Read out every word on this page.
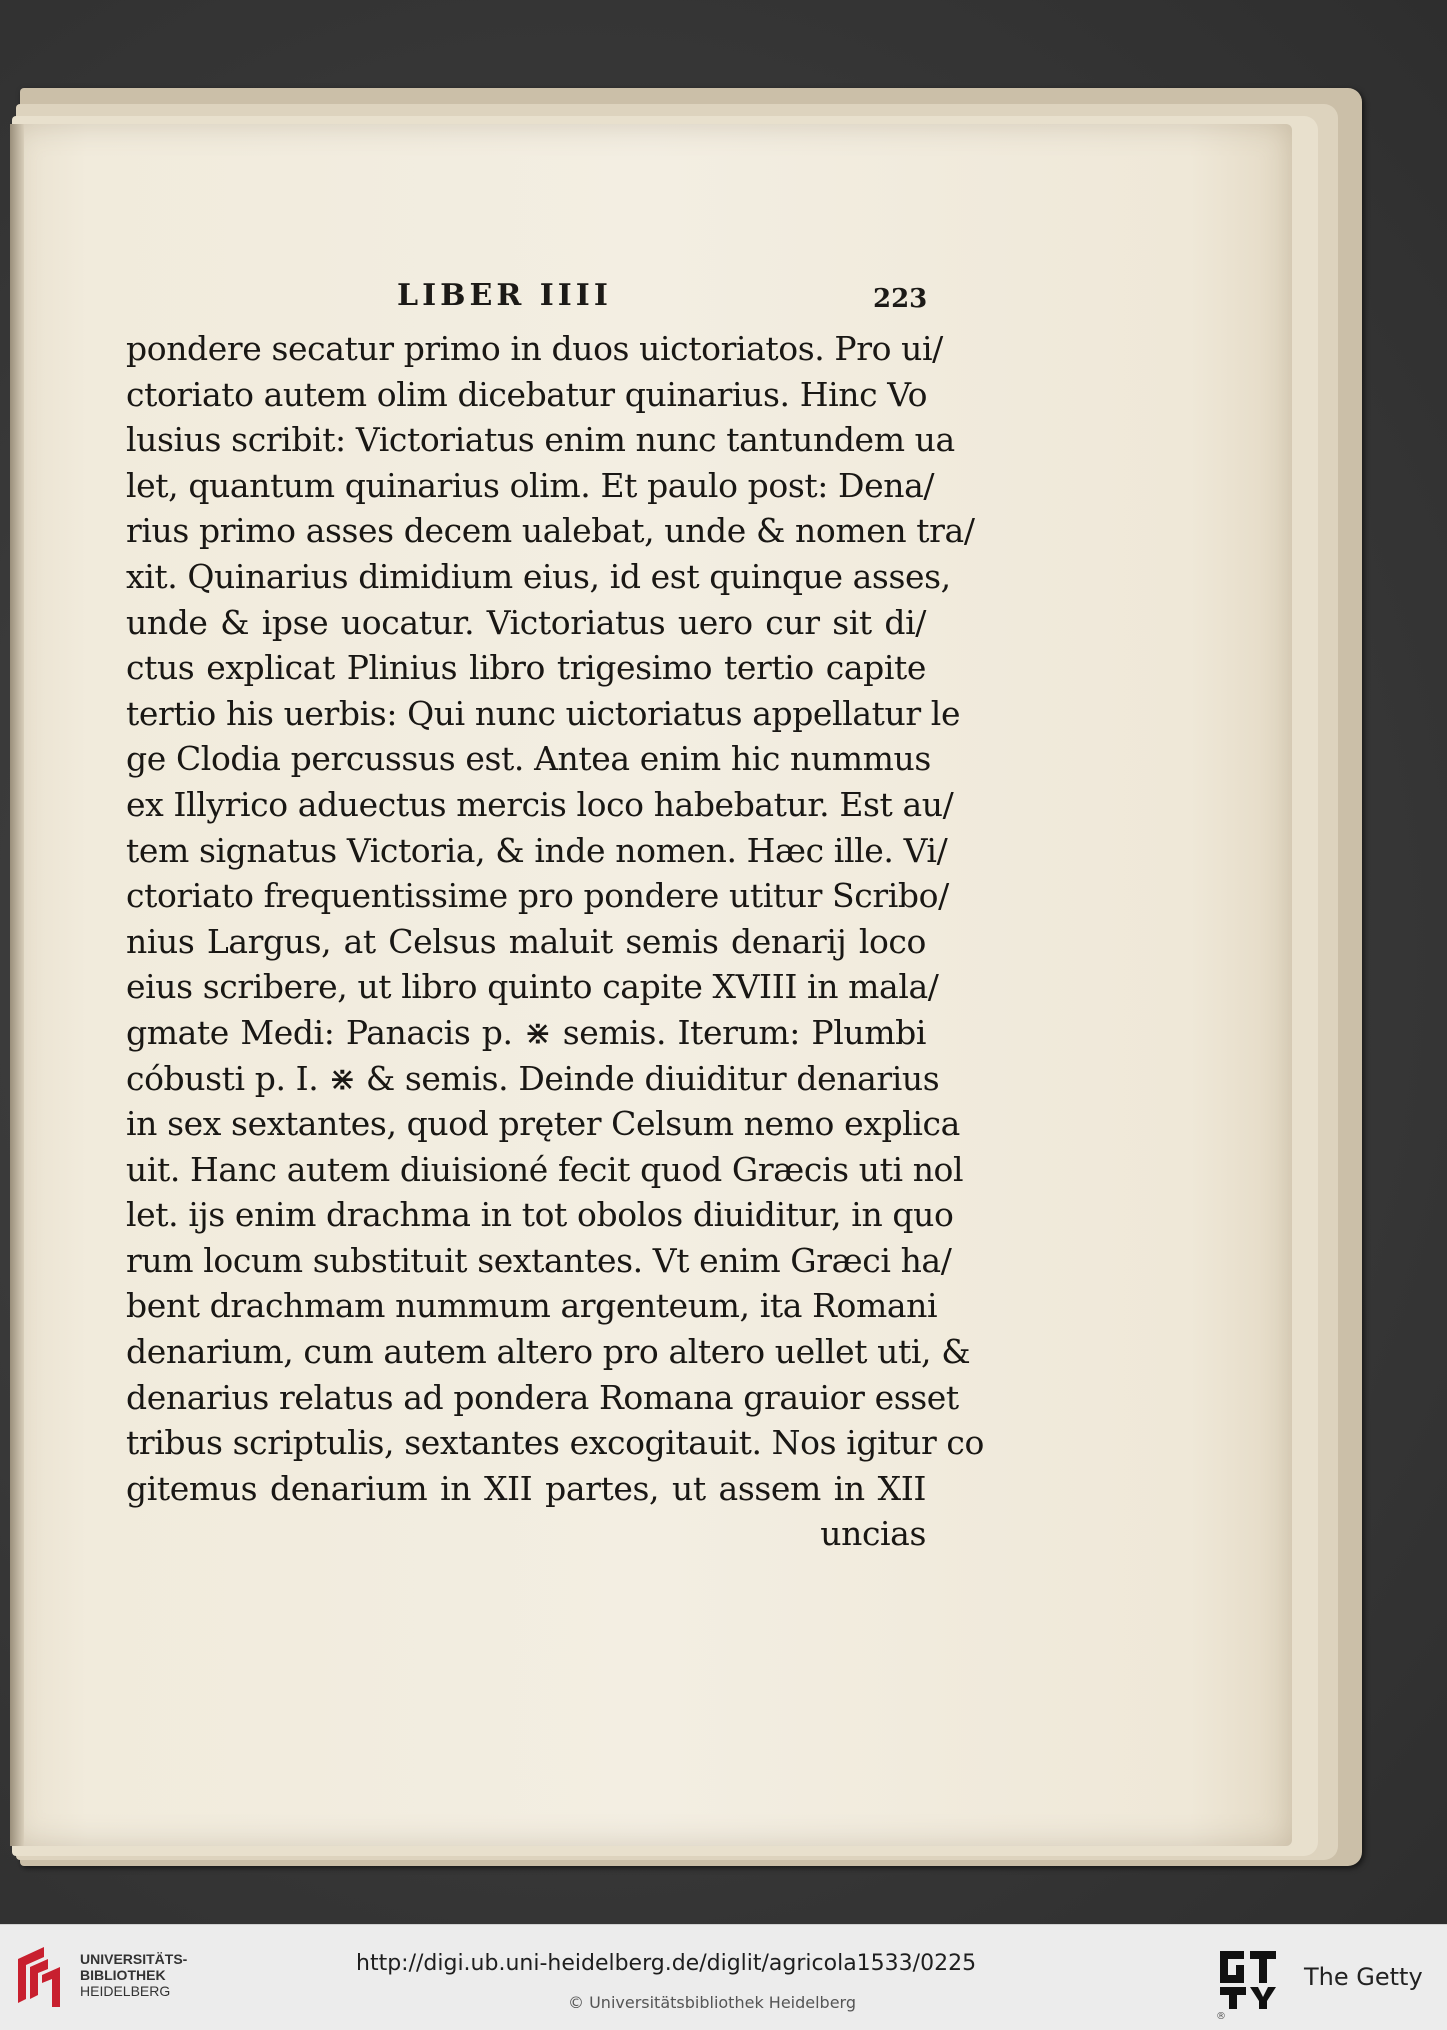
LIBER IIII	223
pondere secatur primo in duos uictoriatos. Pro ui/
ctoriato autem olim dicebatur quinarius. Hinc Vo
lusius scribit: Victoriatus enim nunc tantundem ua
let, quantum quinarius olim. Et paulo post: Dena/
rius primo asses decem ualebat, unde & nomen tra/
xit. Quinarius dimidium eius, id est quinque asses,
unde & ipse uocatur. Victoriatus uero cur sit di/
ctus explicat Plinius libro trigesimo tertio capite
tertio his uerbis: Qui nunc uictoriatus appellatur le
ge Clodia percussus est. Antea enim hic nummus
ex Illyrico aduectus mercis loco habebatur. Est au/
tem signatus Victoria, & inde nomen. Hæc ille. Vi/
ctoriato frequentissime pro pondere utitur Scribo/
nius Largus, at Celsus maluit semis denarij loco
eius scribere, ut libro quinto capite XVIII in mala/
gmate Medi: Panacis p. ⋇ semis. Iterum: Plumbi
cóbusti p. I. ⋇ & semis. Deinde diuiditur denarius
in sex sextantes, quod pręter Celsum nemo explica
uit. Hanc autem diuisioné fecit quod Græcis uti nol
let. ijs enim drachma in tot obolos diuiditur, in quo
rum locum substituit sextantes. Vt enim Græci ha/
bent drachmam nummum argenteum, ita Romani
denarium, cum autem altero pro altero uellet uti, &
denarius relatus ad pondera Romana grauior esset
tribus scriptulis, sextantes excogitauit. Nos igitur co
gitemus denarium in XII partes, ut assem in XII
uncias
UNIVERSITÄTS-
BIBLIOTHEK
HEIDELBERG
http://digi.ub.uni-heidelberg.de/diglit/agricola1533/0225
© Universitätsbibliothek Heidelberg
®
The Getty
